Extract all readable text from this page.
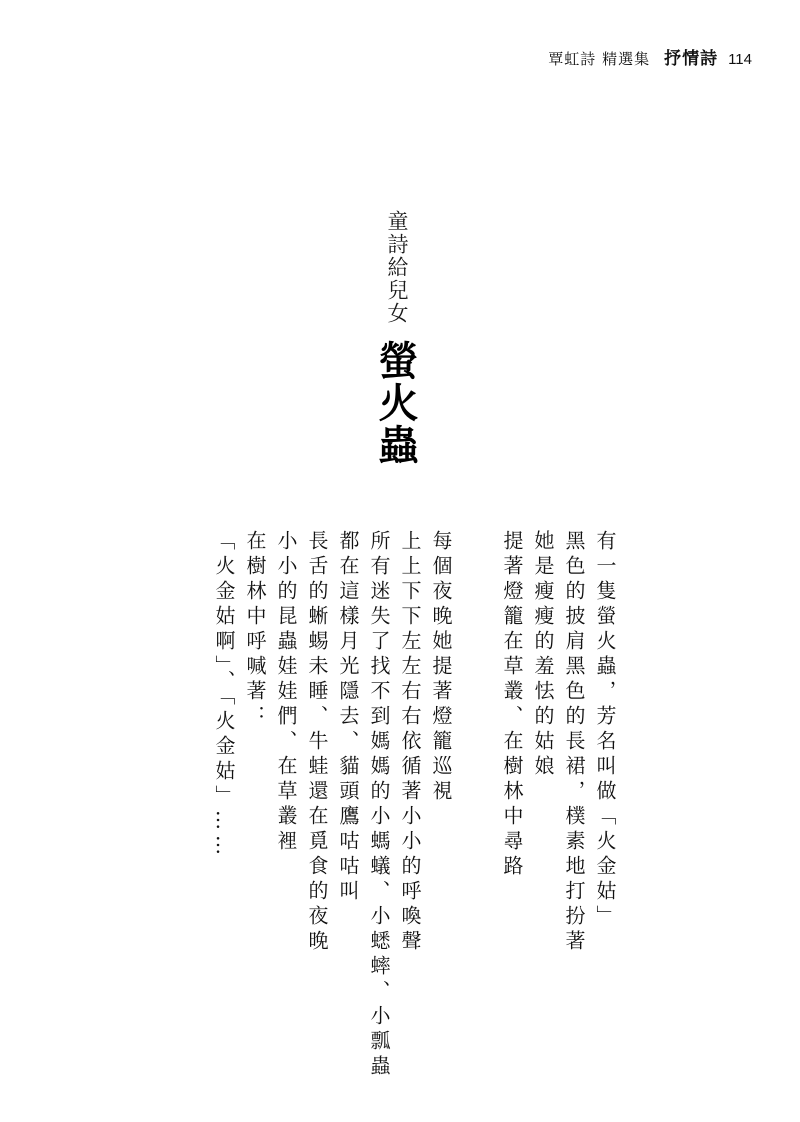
覃虹詩 精選集 抒情詩 114
童詩給兒女
螢火蟲
有一隻螢火蟲，芳名叫做「火金姑」
黑色的披肩黑色的長裙，樸素地打扮著
她是瘦瘦的羞怯的姑娘
提著燈籠在草叢、在樹林中尋路
每個夜晚她提著燈籠巡視
上上下下左左右右依循著小小的呼喚聲
所有迷失了找不到媽媽的小螞蟻、小蟋蟀、小瓢蟲
都在這樣月光隱去、貓頭鷹咕咕叫
長舌的蜥蜴未睡、牛蛙還在覓食的夜晚
小小的昆蟲娃娃們、在草叢裡
在樹林中呼喊著：
「火金姑啊」、「火金姑」……
